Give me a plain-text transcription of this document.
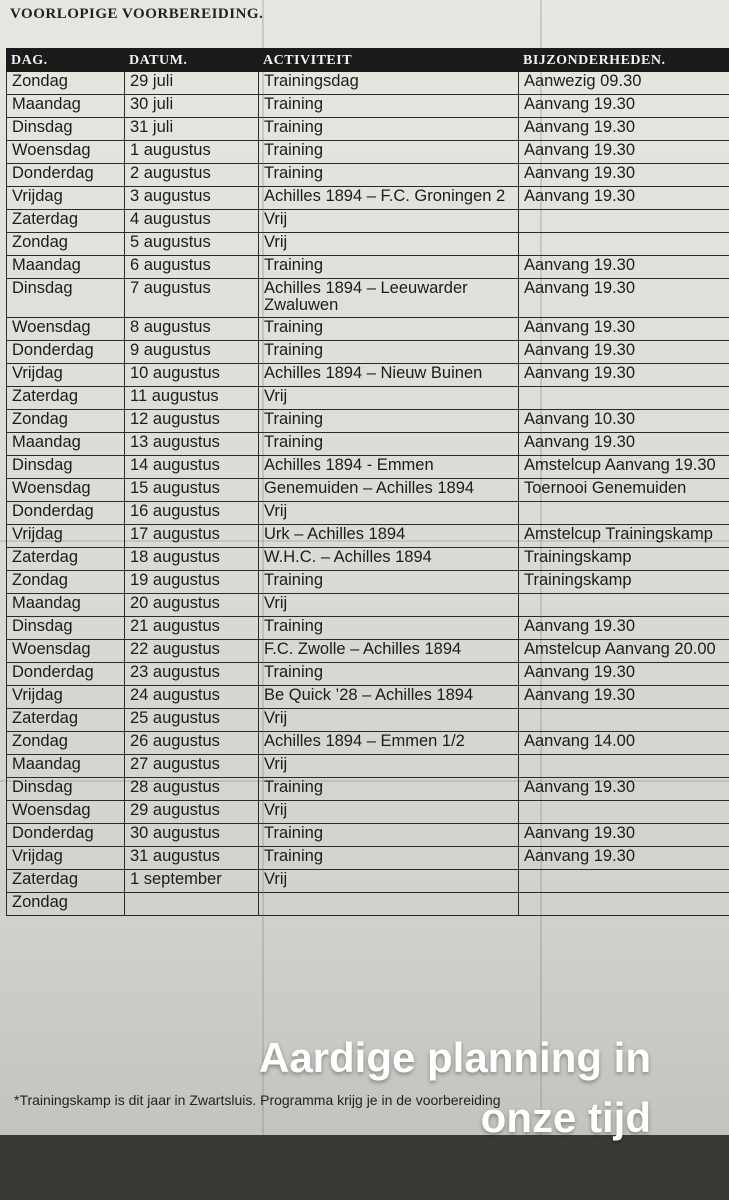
VOORLOPIGE VOORBEREIDING.
DAG.	DATUM.	ACTIVITEIT	BIJZONDERHEDEN.
Zondag	29 juli	Trainingsdag	Aanwezig 09.30
Maandag	30 juli	Training	Aanvang 19.30
Dinsdag	31 juli	Training	Aanvang 19.30
Woensdag	1 augustus	Training	Aanvang 19.30
Donderdag	2 augustus	Training	Aanvang 19.30
Vrijdag	3 augustus	Achilles 1894 – F.C. Groningen 2	Aanvang 19.30
Zaterdag	4 augustus	Vrij	
Zondag	5 augustus	Vrij	
Maandag	6 augustus	Training	Aanvang 19.30
Dinsdag	7 augustus	Achilles 1894 – Leeuwarder Zwaluwen	Aanvang 19.30
Woensdag	8 augustus	Training	Aanvang 19.30
Donderdag	9 augustus	Training	Aanvang 19.30
Vrijdag	10 augustus	Achilles 1894 – Nieuw Buinen	Aanvang 19.30
Zaterdag	11 augustus	Vrij	
Zondag	12 augustus	Training	Aanvang 10.30
Maandag	13 augustus	Training	Aanvang 19.30
Dinsdag	14 augustus	Achilles 1894 - Emmen	Amstelcup Aanvang 19.30
Woensdag	15 augustus	Genemuiden – Achilles 1894	Toernooi Genemuiden
Donderdag	16 augustus	Vrij	
Vrijdag	17 augustus	Urk – Achilles 1894	Amstelcup Trainingskamp
Zaterdag	18 augustus	W.H.C. – Achilles 1894	Trainingskamp
Zondag	19 augustus	Training	Trainingskamp
Maandag	20 augustus	Vrij	
Dinsdag	21 augustus	Training	Aanvang 19.30
Woensdag	22 augustus	F.C. Zwolle – Achilles 1894	Amstelcup Aanvang 20.00
Donderdag	23 augustus	Training	Aanvang 19.30
Vrijdag	24 augustus	Be Quick ’28 – Achilles 1894	Aanvang 19.30
Zaterdag	25 augustus	Vrij	
Zondag	26 augustus	Achilles 1894 – Emmen 1/2	Aanvang 14.00
Maandag	27 augustus	Vrij	
Dinsdag	28 augustus	Training	Aanvang 19.30
Woensdag	29 augustus	Vrij	
Donderdag	30 augustus	Training	Aanvang 19.30
Vrijdag	31 augustus	Training	Aanvang 19.30
Zaterdag	1 september	Vrij	
Zondag			

*Trainingskamp is dit jaar in Zwartsluis. Programma krijg je in de voorbereiding

Aardige planning in
onze tijd
